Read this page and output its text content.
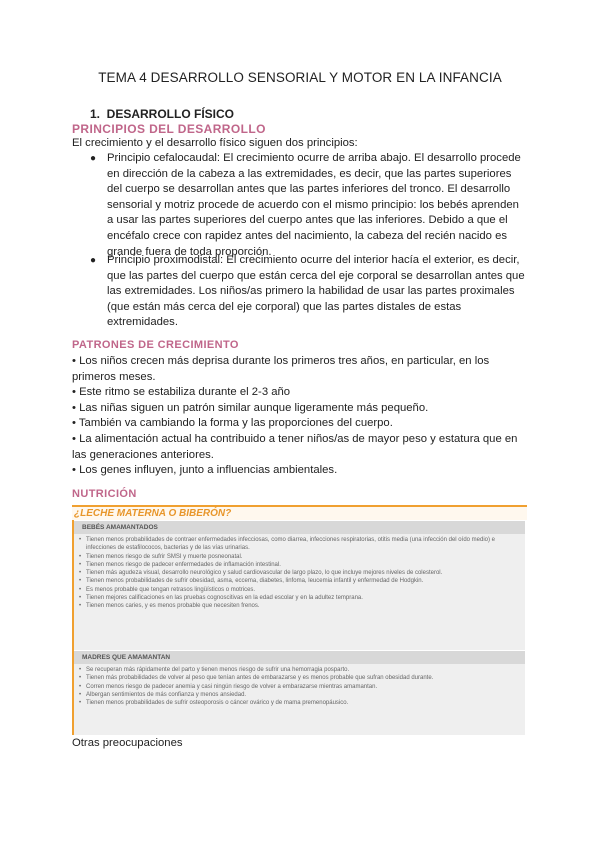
TEMA 4 DESARROLLO SENSORIAL Y MOTOR EN LA INFANCIA
1.  DESARROLLO FÍSICO
PRINCIPIOS DEL DESARROLLO
El crecimiento y el desarrollo físico siguen dos principios:
● Principio cefalocaudal: El crecimiento ocurre de arriba abajo. El desarrollo procede en dirección de la cabeza a las extremidades, es decir, que las partes superiores del cuerpo se desarrollan antes que las partes inferiores del tronco. El desarrollo sensorial y motriz procede de acuerdo con el mismo principio: los bebés aprenden a usar las partes superiores del cuerpo antes que las inferiores. Debido a que el encéfalo crece con rapidez antes del nacimiento, la cabeza del recién nacido es grande fuera de toda proporción.
● Principio proximodistal: El crecimiento ocurre del interior hacía el exterior, es decir, que las partes del cuerpo que están cerca del eje corporal se desarrollan antes que las extremidades. Los niños/as primero la habilidad de usar las partes proximales (que están más cerca del eje corporal) que las partes distales de estas extremidades.
PATRONES DE CRECIMIENTO
• Los niños crecen más deprisa durante los primeros tres años, en particular, en los primeros meses.
• Este ritmo se estabiliza durante el 2-3 año
• Las niñas siguen un patrón similar aunque ligeramente más pequeño.
• También va cambiando la forma y las proporciones del cuerpo.
• La alimentación actual ha contribuido a tener niños/as de mayor peso y estatura que en las generaciones anteriores.
• Los genes influyen, junto a influencias ambientales.
NUTRICIÓN
¿LECHE MATERNA O BIBERÓN?
BEBÉS AMAMANTADOS
• Tienen menos probabilidades de contraer enfermedades infecciosas, como diarrea, infecciones respiratorias, otitis media (una infección del oído medio) e infecciones de estafilococos, bacterias y de las vías urinarias.
• Tienen menos riesgo de sufrir SMSI y muerte posneonatal.
• Tienen menos riesgo de padecer enfermedades de inflamación intestinal.
• Tienen más agudeza visual, desarrollo neurológico y salud cardiovascular de largo plazo, lo que incluye mejores niveles de colesterol.
• Tienen menos probabilidades de sufrir obesidad, asma, eccema, diabetes, linfoma, leucemia infantil y enfermedad de Hodgkin.
• Es menos probable que tengan retrasos lingüísticos o motrices.
• Tienen mejores calificaciones en las pruebas cognoscitivas en la edad escolar y en la adultez temprana.
• Tienen menos caries, y es menos probable que necesiten frenos.
MADRES QUE AMAMANTAN
• Se recuperan más rápidamente del parto y tienen menos riesgo de sufrir una hemorragia posparto.
• Tienen más probabilidades de volver al peso que tenían antes de embarazarse y es menos probable que sufran obesidad durante.
• Corren menos riesgo de padecer anemia y casi ningún riesgo de volver a embarazarse mientras amamantan.
• Albergan sentimientos de más confianza y menos ansiedad.
• Tienen menos probabilidades de sufrir osteoporosis o cáncer ovárico y de mama premenopáusico.
Otras preocupaciones
